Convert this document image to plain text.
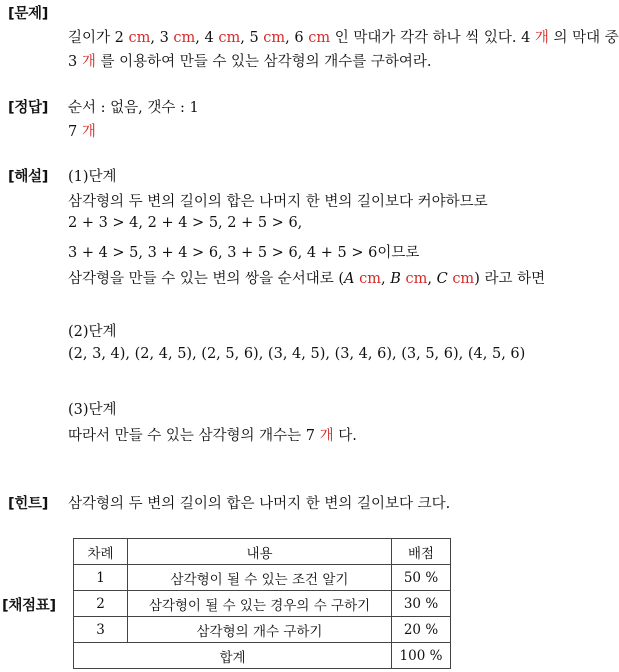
[문제]
길이가 2 cm, 3 cm, 4 cm, 5 cm, 6 cm 인 막대가 각각 하나 씩 있다. 4 개 의 막대 중
3 개 를 이용하여 만들 수 있는 삼각형의 개수를 구하여라.
[정답] 순서 : 없음, 갯수 : 1
7 개
[해설] (1)단계
삼각형의 두 변의 길이의 합은 나머지 한 변의 길이보다 커야하므로
2 + 3 > 4, 2 + 4 > 5, 2 + 5 > 6,
3 + 4 > 5, 3 + 4 > 6, 3 + 5 > 6, 4 + 5 > 6이므로
삼각형을 만들 수 있는 변의 쌍을 순서대로 (A cm, B cm, C cm) 라고 하면
(2)단계
(2, 3, 4), (2, 4, 5), (2, 5, 6), (3, 4, 5), (3, 4, 6), (3, 5, 6), (4, 5, 6)
(3)단계
따라서 만들 수 있는 삼각형의 개수는 7 개 다.
[힌트] 삼각형의 두 변의 길이의 합은 나머지 한 변의 길이보다 크다.
[채점표]
차례	내용	배점
1	삼각형이 될 수 있는 조건 알기	50 %
2	삼각형이 될 수 있는 경우의 수 구하기	30 %
3	삼각형의 개수 구하기	20 %
합계		100 %
